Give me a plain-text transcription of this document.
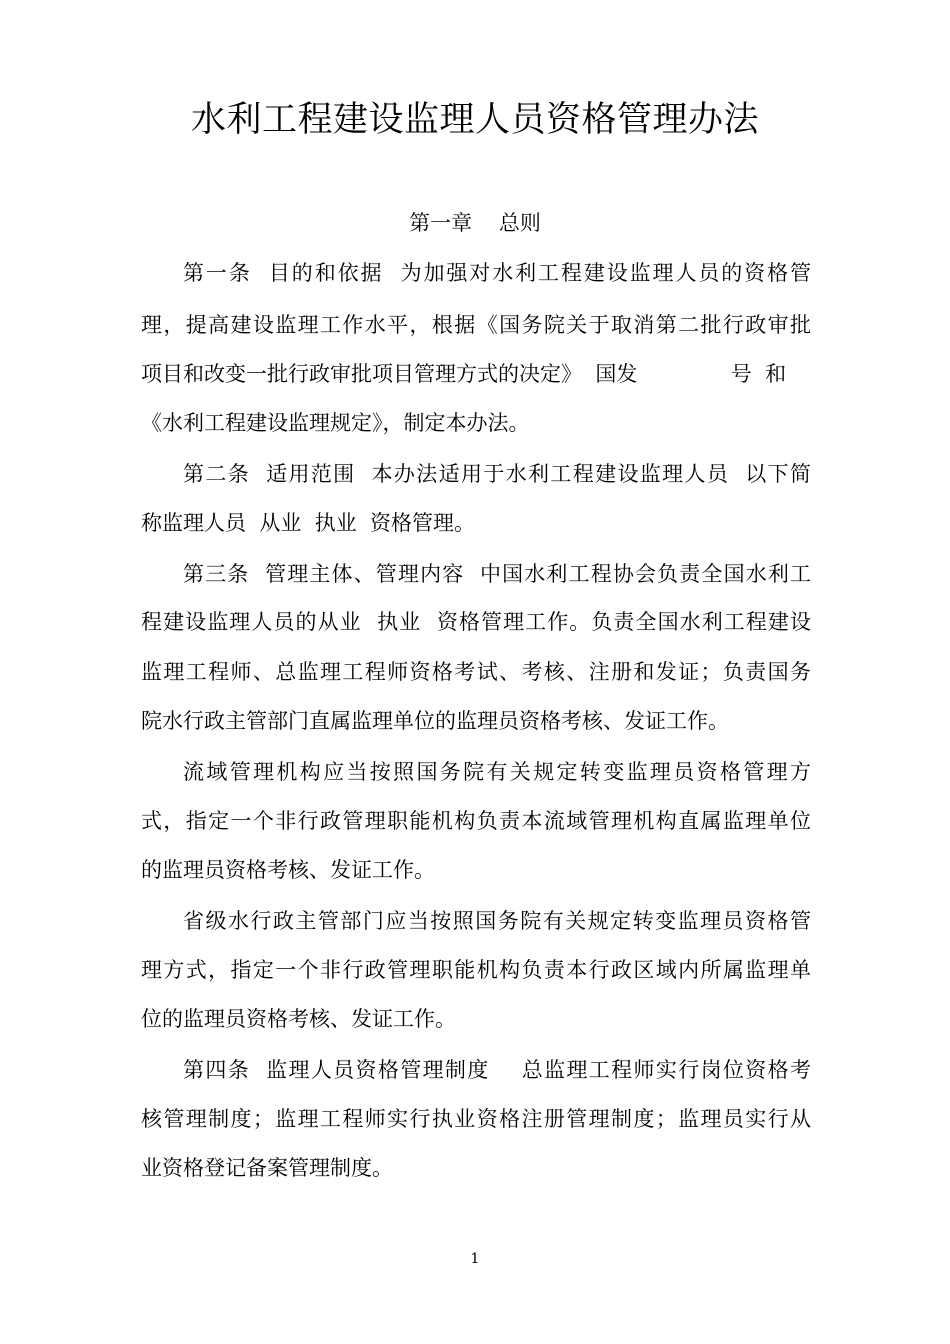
水利工程建设监理人员资格管理办法
第一章    总则
第一条  目的和依据  为加强对水利工程建设监理人员的资格管
理，提高建设监理工作水平，根据《国务院关于取消第二批行政审批
项目和改变一批行政审批项目管理方式的决定》  国发              号  和
《水利工程建设监理规定》，制定本办法。
第二条  适用范围  本办法适用于水利工程建设监理人员  以下简
称监理人员  从业  执业  资格管理。
第三条  管理主体、管理内容  中国水利工程协会负责全国水利工
程建设监理人员的从业  执业  资格管理工作。负责全国水利工程建设
监理工程师、总监理工程师资格考试、考核、注册和发证；负责国务
院水行政主管部门直属监理单位的监理员资格考核、发证工作。
流域管理机构应当按照国务院有关规定转变监理员资格管理方
式，指定一个非行政管理职能机构负责本流域管理机构直属监理单位
的监理员资格考核、发证工作。
省级水行政主管部门应当按照国务院有关规定转变监理员资格管
理方式，指定一个非行政管理职能机构负责本行政区域内所属监理单
位的监理员资格考核、发证工作。
第四条  监理人员资格管理制度    总监理工程师实行岗位资格考
核管理制度；监理工程师实行执业资格注册管理制度；监理员实行从
业资格登记备案管理制度。
1
